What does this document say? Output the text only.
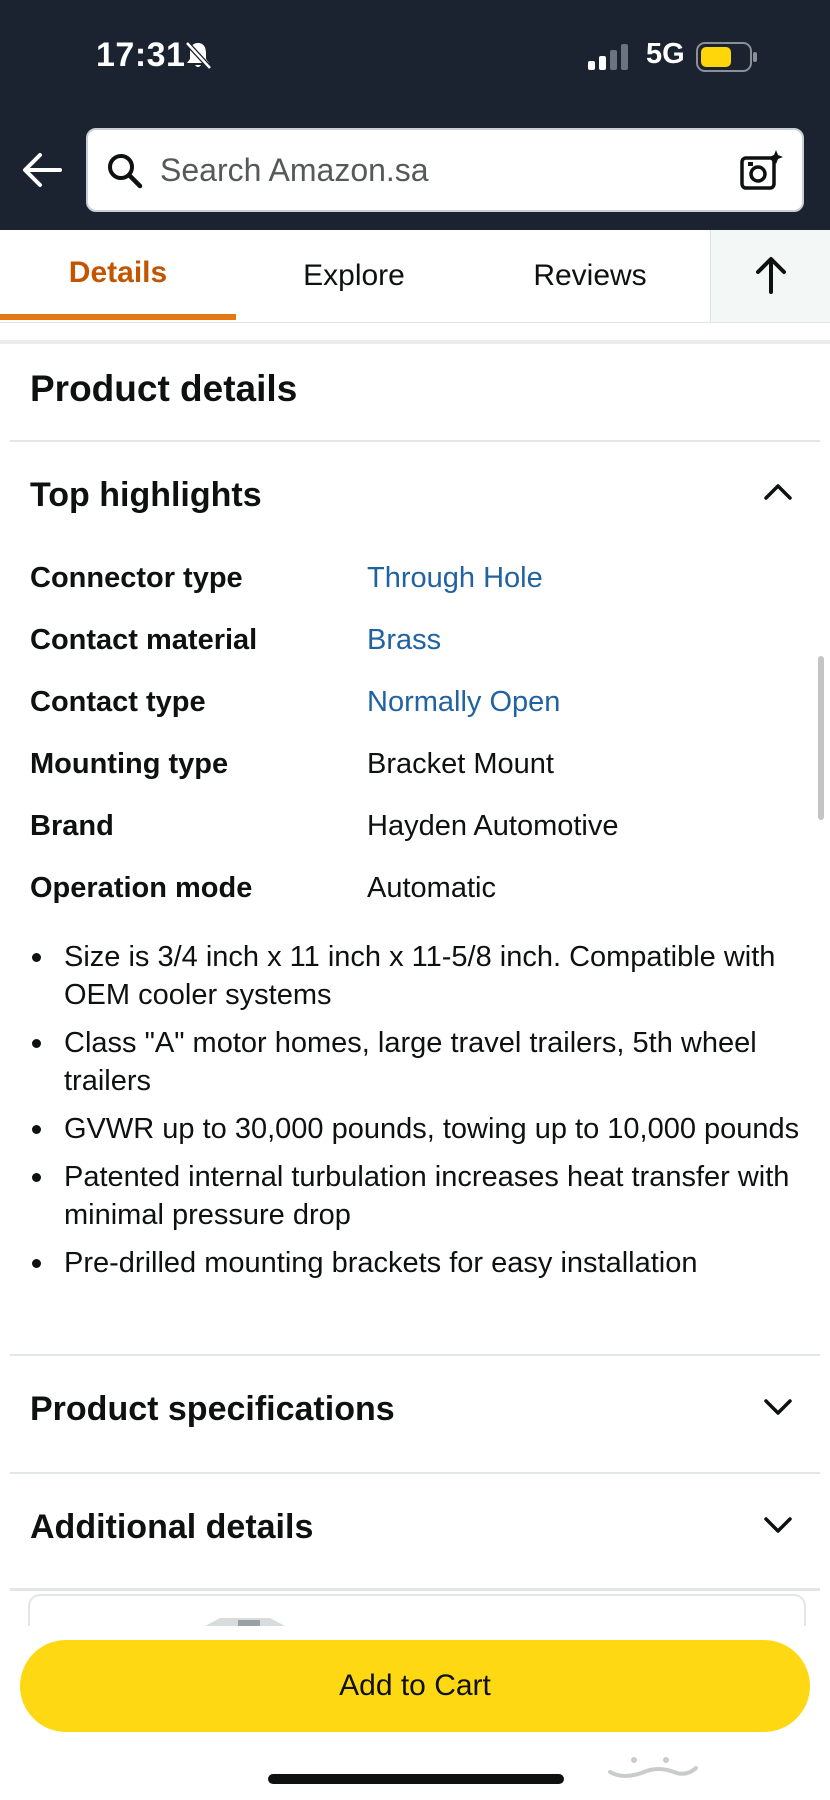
17:31	5G
Search Amazon.sa
Details	Explore	Reviews
Product details
Top highlights
Connector type	Through Hole
Contact material	Brass
Contact type	Normally Open
Mounting type	Bracket Mount
Brand	Hayden Automotive
Operation mode	Automatic
Size is 3/4 inch x 11 inch x 11-5/8 inch. Compatible with OEM cooler systems
Class "A" motor homes, large travel trailers, 5th wheel trailers
GVWR up to 30,000 pounds, towing up to 10,000 pounds
Patented internal turbulation increases heat transfer with minimal pressure drop
Pre-drilled mounting brackets for easy installation
Product specifications
Additional details
Add to Cart
